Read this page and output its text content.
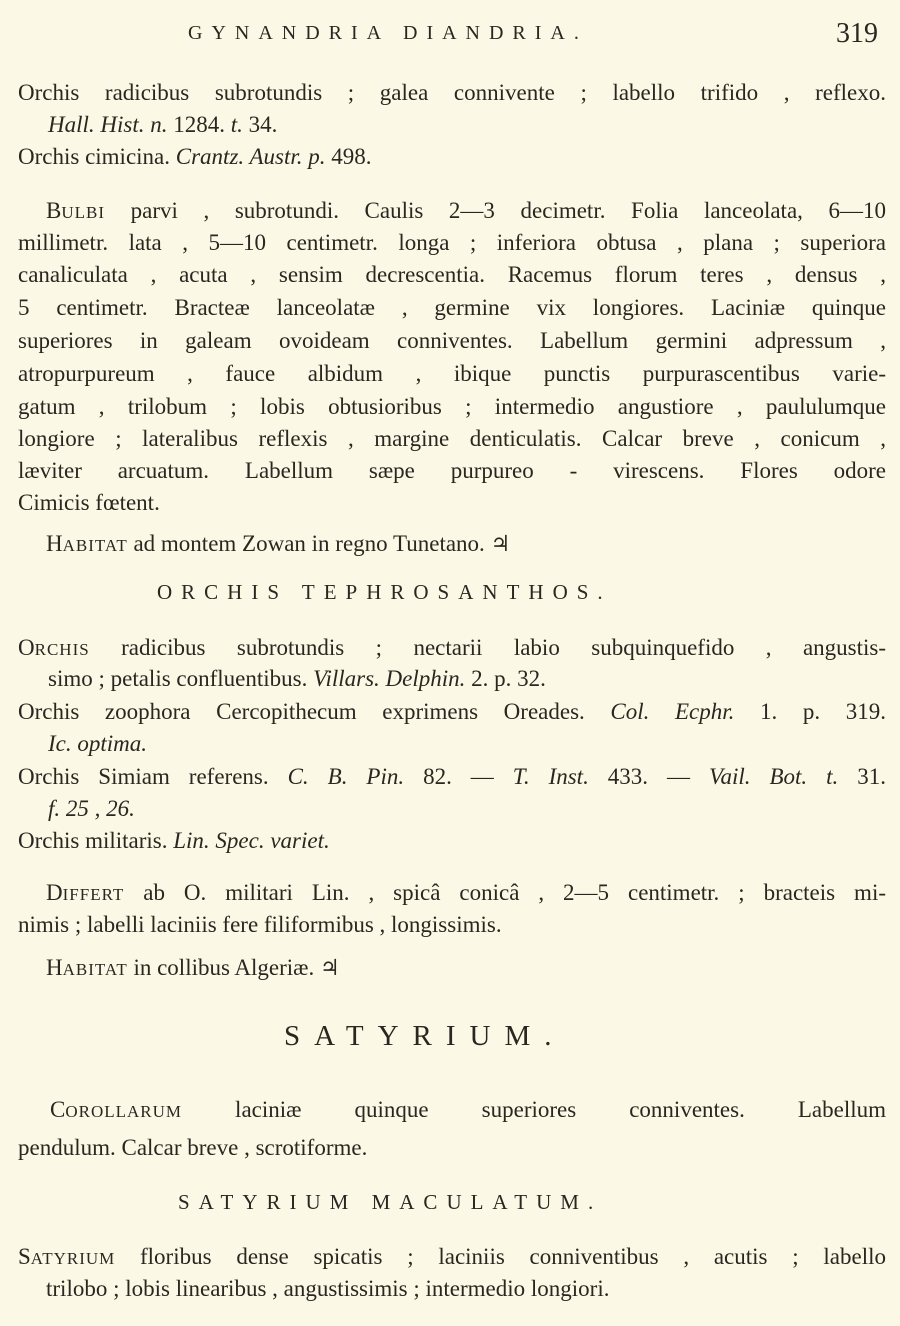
GYNANDRIA DIANDRIA.	319
Orchis radicibus subrotundis ; galea connivente ; labello trifido , reflexo.
Hall. Hist. n. 1284. t. 34.
Orchis cimicina. Crantz. Austr. p. 498.
BULBI parvi , subrotundi. Caulis 2—3 decimetr. Folia lanceolata, 6—10
millimetr. lata , 5—10 centimetr. longa ; inferiora obtusa , plana ; superiora
canaliculata , acuta , sensim decrescentia. Racemus florum teres , densus ,
5 centimetr. Bracteæ lanceolatæ , germine vix longiores. Laciniæ quinque
superiores in galeam ovoideam conniventes. Labellum germini adpressum ,
atropurpureum , fauce albidum , ibique punctis purpurascentibus varie-
gatum , trilobum ; lobis obtusioribus ; intermedio angustiore , paululumque
longiore ; lateralibus reflexis , margine denticulatis. Calcar breve , conicum ,
læviter arcuatum. Labellum sæpe purpureo - virescens. Flores odore
Cimicis fœtent.
HABITAT ad montem Zowan in regno Tunetano. ♃
ORCHIS TEPHROSANTHOS.
ORCHIS radicibus subrotundis ; nectarii labio subquinquefido , angustis-
simo ; petalis confluentibus. Villars. Delphin. 2. p. 32.
Orchis zoophora Cercopithecum exprimens Oreades. Col. Ecphr. 1. p. 319.
Ic. optima.
Orchis Simiam referens. C. B. Pin. 82. — T. Inst. 433. — Vail. Bot. t. 31.
f. 25 , 26.
Orchis militaris. Lin. Spec. variet.
DIFFERT ab O. militari Lin. , spicâ conicâ , 2—5 centimetr. ; bracteis mi-
nimis ; labelli laciniis fere filiformibus , longissimis.
HABITAT in collibus Algeriæ. ♃
SATYRIUM.
COROLLARUM laciniæ quinque superiores conniventes. Labellum
pendulum. Calcar breve , scrotiforme.
SATYRIUM MACULATUM.
SATYRIUM floribus dense spicatis ; laciniis conniventibus , acutis ; labello
trilobo ; lobis linearibus , angustissimis ; intermedio longiori.
